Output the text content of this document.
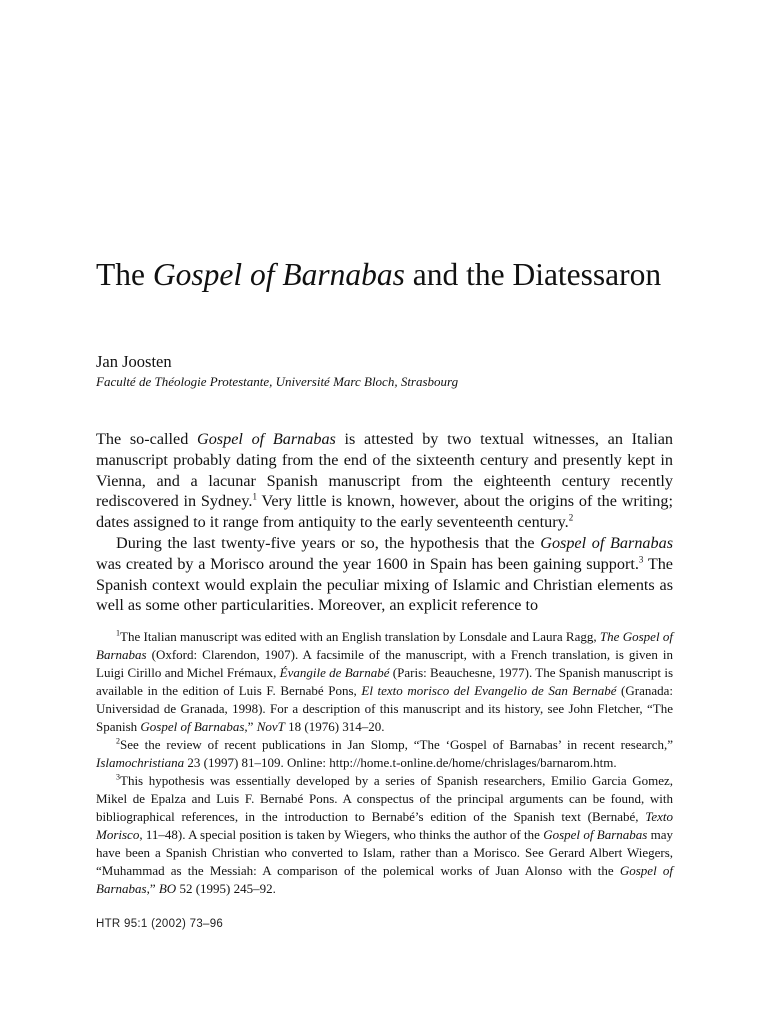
The Gospel of Barnabas and the Diatessaron
Jan Joosten
Faculté de Théologie Protestante, Université Marc Bloch, Strasbourg

The so-called Gospel of Barnabas is attested by two textual witnesses, an Italian manuscript probably dating from the end of the sixteenth century and presently kept in Vienna, and a lacunar Spanish manuscript from the eighteenth century recently rediscovered in Sydney.$^1$ Very little is known, however, about the origins of the writing; dates assigned to it range from antiquity to the early seventeenth century.$^2$

During the last twenty-five years or so, the hypothesis that the Gospel of Barnabas was created by a Morisco around the year 1600 in Spain has been gaining support.$^3$ The Spanish context would explain the peculiar mixing of Islamic and Christian elements as well as some other particularities. Moreover, an explicit reference to

$^1$The Italian manuscript was edited with an English translation by Lonsdale and Laura Ragg, The Gospel of Barnabas (Oxford: Clarendon, 1907). A facsimile of the manuscript, with a French translation, is given in Luigi Cirillo and Michel Frémaux, Évangile de Barnabé (Paris: Beauchesne, 1977). The Spanish manuscript is available in the edition of Luis F. Bernabé Pons, El texto morisco del Evangelio de San Bernabé (Granada: Universidad de Granada, 1998). For a description of this manuscript and its history, see John Fletcher, “The Spanish Gospel of Barnabas,” NovT 18 (1976) 314–20.

$^2$See the review of recent publications in Jan Slomp, “The ‘Gospel of Barnabas’ in recent research,” Islamochristiana 23 (1997) 81–109. Online: http://home.t-online.de/home/chrislages/barnarom.htm.

$^3$This hypothesis was essentially developed by a series of Spanish researchers, Emilio Garcia Gomez, Mikel de Epalza and Luis F. Bernabé Pons. A conspectus of the principal arguments can be found, with bibliographical references, in the introduction to Bernabé’s edition of the Spanish text (Bernabé, Texto Morisco, 11–48). A special position is taken by Wiegers, who thinks the author of the Gospel of Barnabas may have been a Spanish Christian who converted to Islam, rather than a Morisco. See Gerard Albert Wiegers, “Muhammad as the Messiah: A comparison of the polemical works of Juan Alonso with the Gospel of Barnabas,” BO 52 (1995) 245–92.

HTR 95:1 (2002) 73–96
